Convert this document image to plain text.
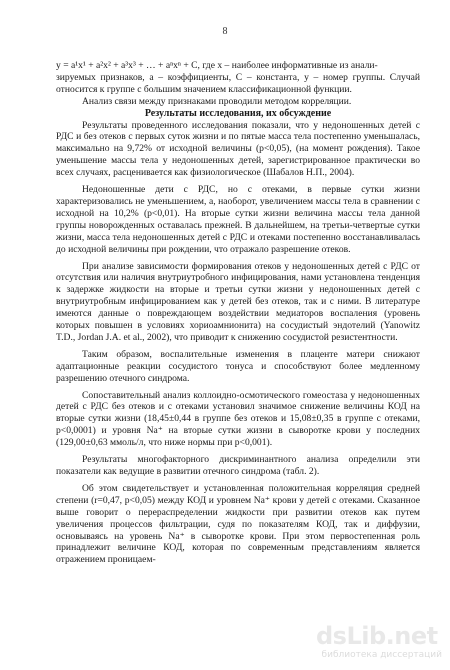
8

y = a¹x¹ + a²x² + a³x³ + … + aⁿxⁿ + C, где x – наиболее информативные из анали-

зируемых признаков, а – коэффициенты, С – константа, у – номер группы. Случай относится к группе с большим значением классификационной функции.

Анализ связи между признаками проводили методом корреляции.

Результаты исследования, их обсуждение

Результаты проведенного исследования показали, что у недоношенных детей с РДС и без отеков с первых суток жизни и по пятые масса тела постепенно уменьшалась, максимально на 9,72% от исходной величины (p<0,05), (на момент рождения). Такое уменьшение массы тела у недоношенных детей, зарегистрированное практически во всех случаях, расценивается как физиологическое (Шабалов Н.П., 2004).

Недоношенные дети с РДС, но с отеками, в первые сутки жизни характеризовались не уменьшением, а, наоборот, увеличением массы тела в сравнении с исходной на 10,2% (p<0,01). На вторые сутки жизни величина массы тела данной группы новорожденных оставалась прежней. В дальнейшем, на третьи-четвертые сутки жизни, масса тела недоношенных детей с РДС и отеками постепенно восстанавливалась до исходной величины при рождении, что отражало разрешение отеков.

При анализе зависимости формирования отеков у недоношенных детей с РДС от отсутствия или наличия внутриутробного инфицирования, нами установлена тенденция к задержке жидкости на вторые и третьи сутки жизни у недоношенных детей с внутриутробным инфицированием как у детей без отеков, так и с ними. В литературе имеются данные о повреждающем воздействии медиаторов воспаления (уровень которых повышен в условиях хориоамнионита) на сосудистый эндотелий (Yanowitz T.D., Jordan J.A. et al., 2002), что приводит к снижению сосудистой резистентности.

Таким образом, воспалительные изменения в плаценте матери снижают адаптационные реакции сосудистого тонуса и способствуют более медленному разрешению отечного синдрома.

Сопоставительный анализ коллоидно-осмотического гомеостаза у недоношенных детей с РДС без отеков и с отеками установил значимое снижение величины КОД на вторые сутки жизни (18,45±0,44 в группе без отеков и 15,08±0,35 в группе с отеками, p<0,0001) и уровня Na⁺ на вторые сутки жизни в сыворотке крови у последних (129,00±0,63 ммоль/л, что ниже нормы при p<0,001).

Результаты многофакторного дискриминантного анализа определили эти показатели как ведущие в развитии отечного синдрома (табл. 2).

Об этом свидетельствует и установленная положительная корреляция средней степени (r=0,47, p<0,05) между КОД и уровнем Na⁺ крови у детей с отеками. Сказанное выше говорит о перераспределении жидкости при развитии отеков как путем увеличения процессов фильтрации, судя по показателям КОД, так и диффузии, основываясь на уровень Na⁺ в сыворотке крови. При этом первостепенная роль принадлежит величине КОД, которая по современным представлениям является отражением проницаем-

dsLib.net
библиотека диссертаций
